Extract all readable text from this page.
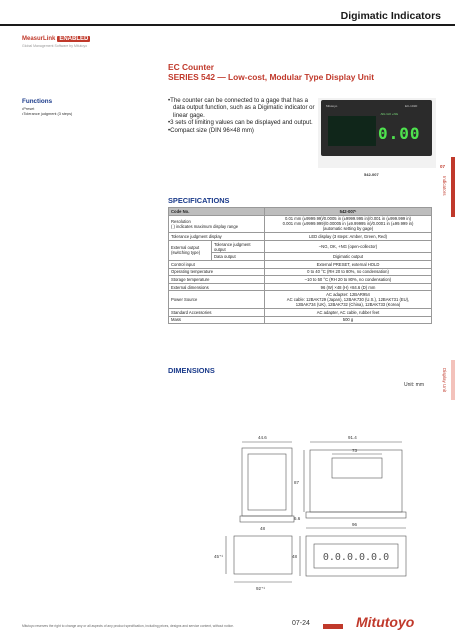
Digimatic Indicators
MeasurLink ENABLED
Global Management Software by Mitutoyo
EC Counter
SERIES 542 — Low-cost, Modular Type Display Unit
Functions
• Preset
• Tolerance judgment (3 steps)
• The counter can be connected to a gage that has a data output function, such as a Digimatic indicator or linear gage.
• 3 sets of limiting values can be displayed and output.
• Compact size (DIN 96×48 mm)
Mitutoyo	EC-101D
-NG GO +NG
0.00
542-007
07
Indicators
Display Unit
SPECIFICATIONS
Code No.		542-007¹
Resolution
( ) indicates maximum display range		0.01 mm (±9999.99)/0.0005 in (±9999.995 in)/0.001 in (±999.999 in)
0.001 mm (±9999.999)/0.00005 in (±9.99995 in)/0.0001 in (±99.999 in)
(automatic setting by gage)
Tolerance judgment display		LED display (3 steps: Amber, Green, Red)
External output (switching type)	Tolerance judgment output	–NG, OK, +NG (open-collector)
	Data output	Digimatic output
Control input		External PRESET, external HOLD
Operating temperature		0 to 40 °C (RH 20 to 80%, no condensation)
Storage temperature		–10 to 50 °C (RH 20 to 80%, no condensation)
External dimensions		96 (W) ×48 (H) ×84.6 (D) mm
Power Source		AC adapter: 12BAR954
AC cable: 12BAK729 (Japan), 12BAK730 (U.S.), 12BAK731 (EU),
12BAK734 (UK), 12BAK732 (China), 12BAK733 (Korea)
Standard Accessories		AC adapter, AC cable, rubber feet
Mass		500 g
DIMENSIONS
Unit: mm
44.6	91.4
73
87
6.6
48
96
48
45⁺¹
92⁺¹
0.0.0.0.0.0
Mitutoyo reserves the right to change any or all aspects of any product specification, including prices, designs and service content, without notice.	07-24	Mitutoyo
